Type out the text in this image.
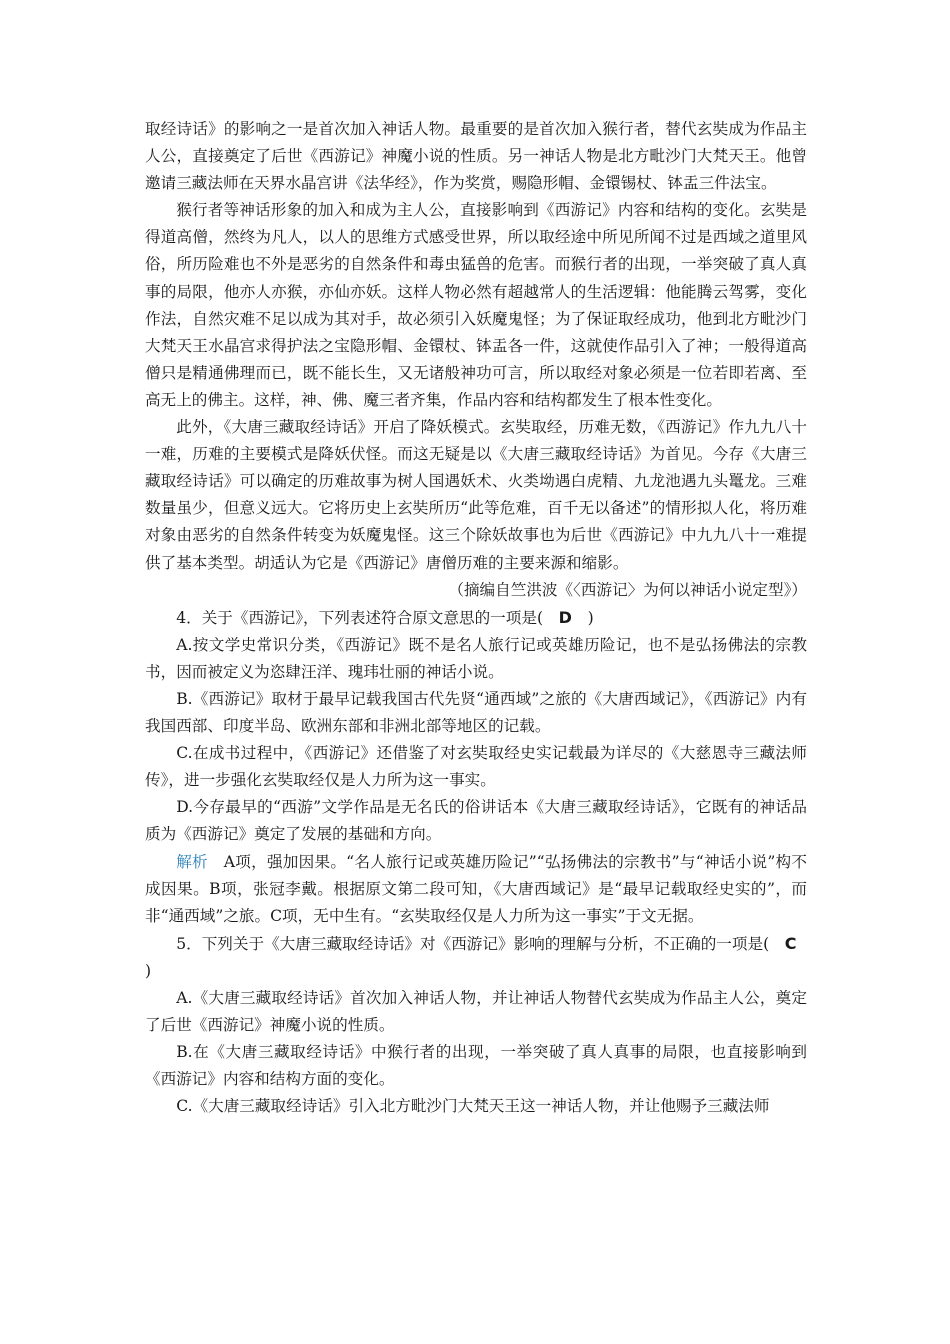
取经诗话》的影响之一是首次加入神话人物。最重要的是首次加入猴行者，替代玄奘成为作品主人公，直接奠定了后世《西游记》神魔小说的性质。另一神话人物是北方毗沙门大梵天王。他曾邀请三藏法师在天界水晶宫讲《法华经》，作为奖赏，赐隐形帽、金镮锡杖、钵盂三件法宝。

猴行者等神话形象的加入和成为主人公，直接影响到《西游记》内容和结构的变化。玄奘是得道高僧，然终为凡人，以人的思维方式感受世界，所以取经途中所见所闻不过是西域之道里风俗，所历险难也不外是恶劣的自然条件和毒虫猛兽的危害。而猴行者的出现，一举突破了真人真事的局限，他亦人亦猴，亦仙亦妖。这样人物必然有超越常人的生活逻辑：他能腾云驾雾，变化作法，自然灾难不足以成为其对手，故必须引入妖魔鬼怪；为了保证取经成功，他到北方毗沙门大梵天王水晶宫求得护法之宝隐形帽、金镮杖、钵盂各一件，这就使作品引入了神；一般得道高僧只是精通佛理而已，既不能长生，又无诸般神功可言，所以取经对象必须是一位若即若离、至高无上的佛主。这样，神、佛、魔三者齐集，作品内容和结构都发生了根本性变化。

此外，《大唐三藏取经诗话》开启了降妖模式。玄奘取经，历难无数，《西游记》作九九八十一难，历难的主要模式是降妖伏怪。而这无疑是以《大唐三藏取经诗话》为首见。今存《大唐三藏取经诗话》可以确定的历难故事为树人国遇妖术、火类坳遇白虎精、九龙池遇九头鼍龙。三难数量虽少，但意义远大。它将历史上玄奘所历“此等危难，百千无以备述”的情形拟人化，将历难对象由恶劣的自然条件转变为妖魔鬼怪。这三个除妖故事也为后世《西游记》中九九八十一难提供了基本类型。胡适认为它是《西游记》唐僧历难的主要来源和缩影。

（摘编自竺洪波《〈西游记〉为何以神话小说定型》）

4．关于《西游记》，下列表述符合原文意思的一项是(　 D　 )

A.按文学史常识分类，《西游记》既不是名人旅行记或英雄历险记，也不是弘扬佛法的宗教书，因而被定义为恣肆汪洋、瑰玮壮丽的神话小说。

B.《西游记》取材于最早记载我国古代先贤“通西域”之旅的《大唐西域记》，《西游记》内有我国西部、印度半岛、欧洲东部和非洲北部等地区的记载。

C.在成书过程中，《西游记》还借鉴了对玄奘取经史实记载最为详尽的《大慈恩寺三藏法师传》，进一步强化玄奘取经仅是人力所为这一事实。

D.今存最早的“西游”文学作品是无名氏的俗讲话本《大唐三藏取经诗话》，它既有的神话品质为《西游记》奠定了发展的基础和方向。

解析　A项，强加因果。“名人旅行记或英雄历险记”“弘扬佛法的宗教书”与“神话小说”构不成因果。B项，张冠李戴。根据原文第二段可知，《大唐西域记》是“最早记载取经史实的”，而非“通西域”之旅。C项，无中生有。“玄奘取经仅是人力所为这一事实”于文无据。

5．下列关于《大唐三藏取经诗话》对《西游记》影响的理解与分析，不正确的一项是(　 C
)

A.《大唐三藏取经诗话》首次加入神话人物，并让神话人物替代玄奘成为作品主人公，奠定了后世《西游记》神魔小说的性质。

B.在《大唐三藏取经诗话》中猴行者的出现，一举突破了真人真事的局限，也直接影响到《西游记》内容和结构方面的变化。

C.《大唐三藏取经诗话》引入北方毗沙门大梵天王这一神话人物，并让他赐予三藏法师
